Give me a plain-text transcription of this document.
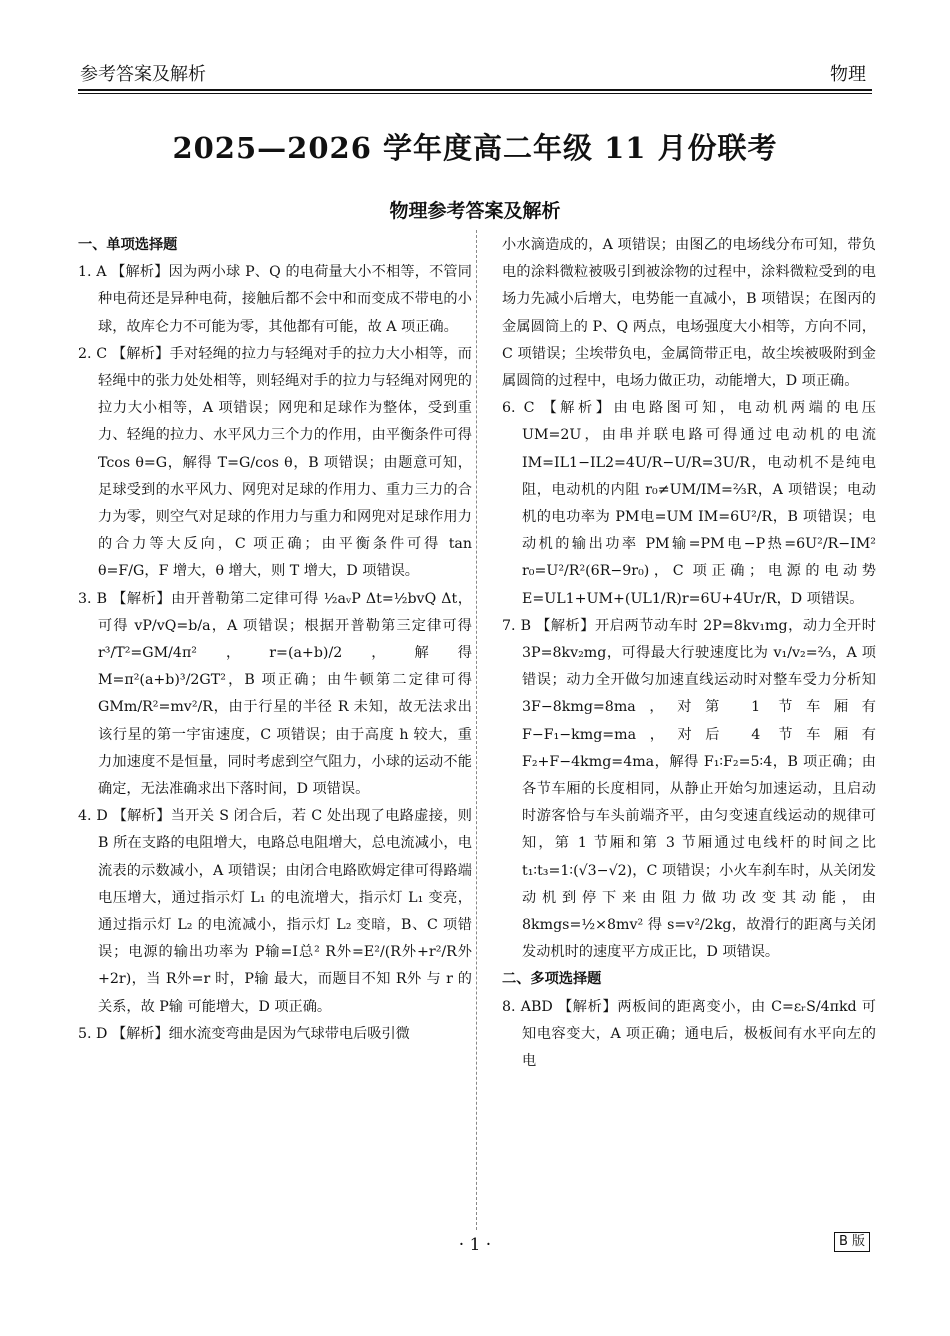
参考答案及解析	物理
2025—2026 学年度高二年级 11 月份联考
物理参考答案及解析
一、单项选择题
1. A 【解析】因为两小球 P、Q 的电荷量大小不相等，不管同种电荷还是异种电荷，接触后都不会中和而变成不带电的小球，故库仑力不可能为零，其他都有可能，故 A 项正确。
2. C 【解析】手对轻绳的拉力与轻绳对手的拉力大小相等，而轻绳中的张力处处相等，则轻绳对手的拉力与轻绳对网兜的拉力大小相等，A 项错误；网兜和足球作为整体，受到重力、轻绳的拉力、水平风力三个力的作用，由平衡条件可得 Tcos θ=G，解得 T=G/cos θ，B 项错误；由题意可知，足球受到的水平风力、网兜对足球的作用力、重力三力的合力为零，则空气对足球的作用力与重力和网兜对足球作用力的合力等大反向，C 项正确；由平衡条件可得 tan θ=F/G，F 增大，θ 增大，则 T 增大，D 项错误。
3. B 【解析】由开普勒第二定律可得 ½aᵥP Δt=½bvQ Δt，可得 vP/vQ=b/a，A 项错误；根据开普勒第三定律可得 r³/T²=GM/4π²，r=(a+b)/2，解得 M=π²(a+b)³/2GT²，B 项正确；由牛顿第二定律可得 GMm/R²=mv²/R，由于行星的半径 R 未知，故无法求出该行星的第一宇宙速度，C 项错误；由于高度 h 较大，重力加速度不是恒量，同时考虑到空气阻力，小球的运动不能确定，无法准确求出下落时间，D 项错误。
4. D 【解析】当开关 S 闭合后，若 C 处出现了电路虚接，则 B 所在支路的电阻增大，电路总电阻增大，总电流减小，电流表的示数减小，A 项错误；由闭合电路欧姆定律可得路端电压增大，通过指示灯 L₁ 的电流增大，指示灯 L₁ 变亮，通过指示灯 L₂ 的电流减小，指示灯 L₂ 变暗，B、C 项错误；电源的输出功率为 P输=I总² R外=E²/(R外+r²/R外+2r)，当 R外=r 时，P输 最大，而题目不知 R外 与 r 的关系，故 P输 可能增大，D 项正确。
5. D 【解析】细水流变弯曲是因为气球带电后吸引微
小水滴造成的，A 项错误；由图乙的电场线分布可知，带负电的涂料微粒被吸引到被涂物的过程中，涂料微粒受到的电场力先减小后增大，电势能一直减小，B 项错误；在图丙的金属圆筒上的 P、Q 两点，电场强度大小相等，方向不同，C 项错误；尘埃带负电，金属筒带正电，故尘埃被吸附到金属圆筒的过程中，电场力做正功，动能增大，D 项正确。
6. C 【解析】由电路图可知，电动机两端的电压 UM=2U，由串并联电路可得通过电动机的电流 IM=IL1−IL2=4U/R−U/R=3U/R，电动机不是纯电阻，电动机的内阻 r₀≠UM/IM=⅔R，A 项错误；电动机的电功率为 PM电=UM IM=6U²/R，B 项错误；电动机的输出功率 PM输=PM电−P热=6U²/R−IM² r₀=U²/R²(6R−9r₀)，C 项正确；电源的电动势 E=UL1+UM+(UL1/R)r=6U+4Ur/R，D 项错误。
7. B 【解析】开启两节动车时 2P=8kv₁mg，动力全开时 3P=8kv₂mg，可得最大行驶速度比为 v₁/v₂=⅔，A 项错误；动力全开做匀加速直线运动时对整车受力分析知 3F−8kmg=8ma，对第 1 节车厢有 F−F₁−kmg=ma，对后 4 节车厢有 F₂+F−4kmg=4ma，解得 F₁∶F₂=5∶4，B 项正确；由各节车厢的长度相同，从静止开始匀加速运动，且启动时游客恰与车头前端齐平，由匀变速直线运动的规律可知，第 1 节厢和第 3 节厢通过电线杆的时间之比 t₁∶t₃=1∶(√3−√2)，C 项错误；小火车刹车时，从关闭发动机到停下来由阻力做功改变其动能，由 8kmgs=½×8mv² 得 s=v²/2kg，故滑行的距离与关闭发动机时的速度平方成正比，D 项错误。
二、多项选择题
8. ABD 【解析】两板间的距离变小，由 C=εᵣS/4πkd 可知电容变大，A 项正确；通电后，极板间有水平向左的电
· 1 ·	B 版
